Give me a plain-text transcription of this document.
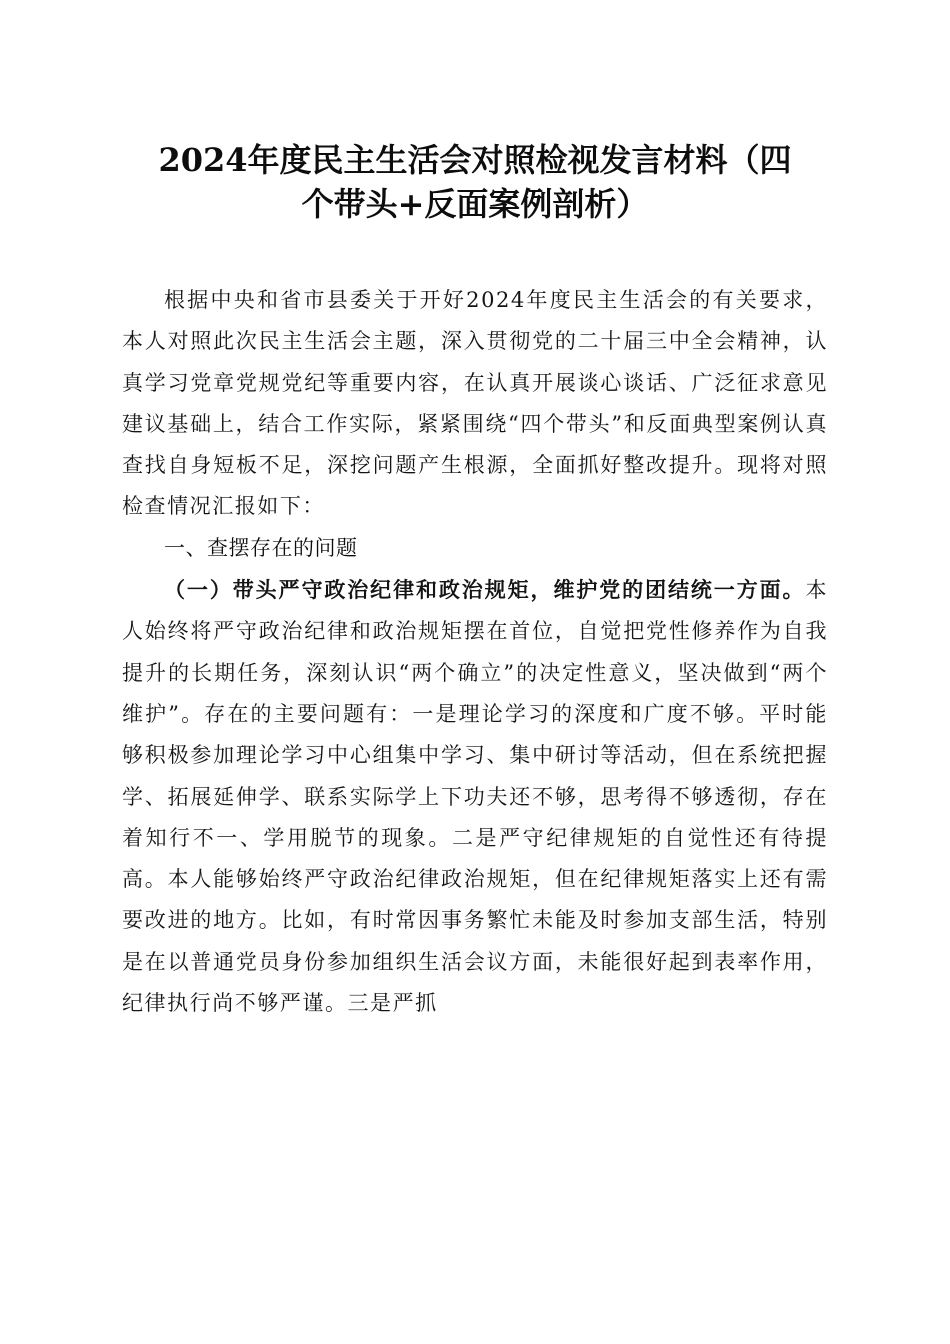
2024年度民主生活会对照检视发言材料（四
个带头+反面案例剖析）

根据中央和省市县委关于开好2024年度民主生活会的有关要求，本人对照此次民主生活会主题，深入贯彻党的二十届三中全会精神，认真学习党章党规党纪等重要内容，在认真开展谈心谈话、广泛征求意见建议基础上，结合工作实际，紧紧围绕“四个带头”和反面典型案例认真查找自身短板不足，深挖问题产生根源，全面抓好整改提升。现将对照检查情况汇报如下：

一、查摆存在的问题

（一）带头严守政治纪律和政治规矩，维护党的团结统一方面。本人始终将严守政治纪律和政治规矩摆在首位，自觉把党性修养作为自我提升的长期任务，深刻认识“两个确立”的决定性意义，坚决做到“两个维护”。存在的主要问题有：一是理论学习的深度和广度不够。平时能够积极参加理论学习中心组集中学习、集中研讨等活动，但在系统把握学、拓展延伸学、联系实际学上下功夫还不够，思考得不够透彻，存在着知行不一、学用脱节的现象。二是严守纪律规矩的自觉性还有待提高。本人能够始终严守政治纪律政治规矩，但在纪律规矩落实上还有需要改进的地方。比如，有时常因事务繁忙未能及时参加支部生活，特别是在以普通党员身份参加组织生活会议方面，未能很好起到表率作用，纪律执行尚不够严谨。三是严抓
